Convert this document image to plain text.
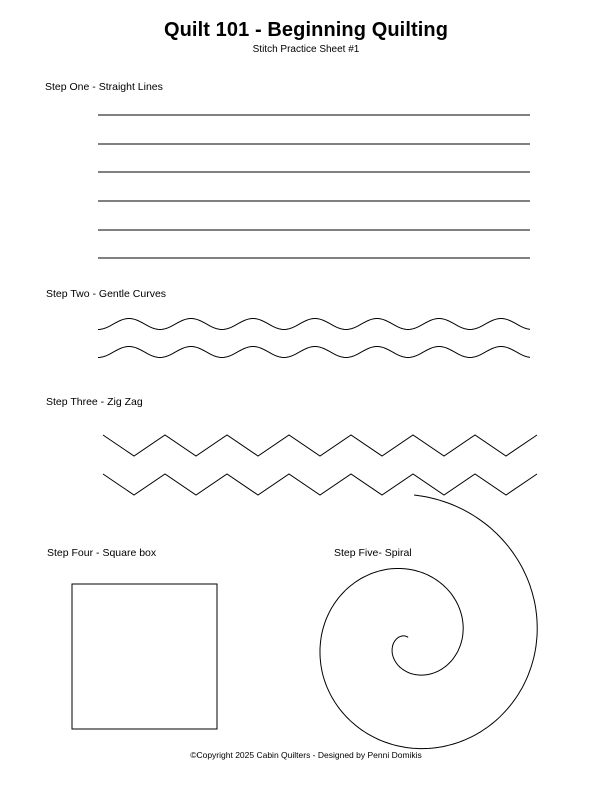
Quilt 101 - Beginning Quilting
Stitch Practice Sheet #1
Step One - Straight Lines
Step Two - Gentle Curves
Step Three - Zig Zag
Step Four - Square box	Step Five- Spiral
©Copyright 2025 Cabin Quilters - Designed by Penni Domikis
